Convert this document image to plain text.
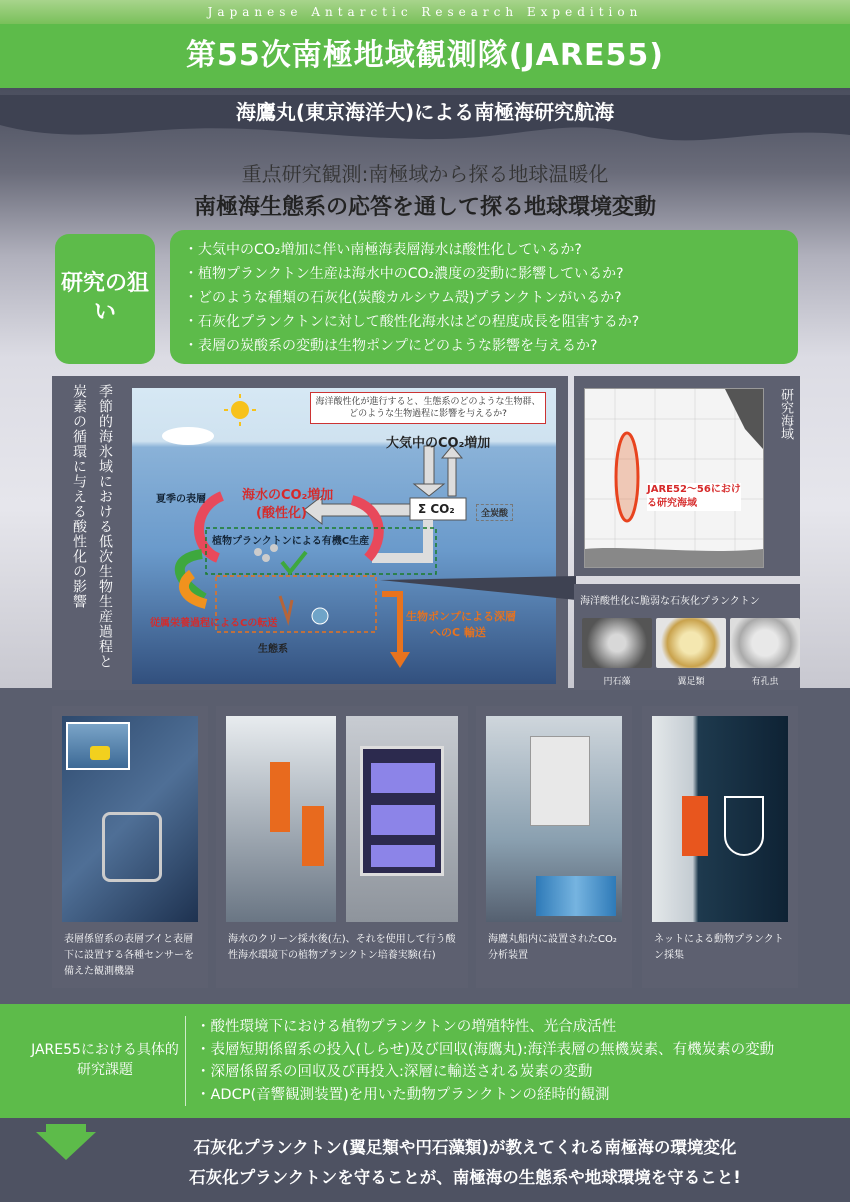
Japanese Antarctic Research Expedition
第55次南極地域観測隊(JARE55)
海鷹丸(東京海洋大)による南極海研究航海
重点研究観測:南極域から探る地球温暖化
南極海生態系の応答を通して探る地球環境変動
研究の狙い
・ 大気中のCO₂増加に伴い南極海表層海水は酸性化しているか?
・ 植物プランクトン生産は海水中のCO₂濃度の変動に影響しているか?
・ どのような種類の石灰化(炭酸カルシウム殻)プランクトンがいるか?
・ 石灰化プランクトンに対して酸性化海水はどの程度成長を阻害するか?
・ 表層の炭酸系の変動は生物ポンプにどのような影響を与えるか?
季節的海氷域における低次生物生産過程と
炭素の循環に与える酸性化の影響	海洋酸性化が進行すると、生態系のどのような生物群、どのような生物過程に影響を与えるか?
大気中のCO₂増加
夏季の表層	海水のCO₂増加
(酸性化)	Σ CO₂	全炭酸
植物プランクトンによる有機C生産
従属栄養過程によるCの転送
生態系
生物ポンプによる深層
へのC 輸送
JARE52〜56における研究海域
研究海域
海洋酸性化に脆弱な石灰化プランクトン
円石藻	翼足類	有孔虫
表層係留系の表層ブイと表層下に設置する各種センサーを備えた観測機器
海水のクリーン採水後(左)、それを使用して行う酸性海水環境下の植物プランクトン培養実験(右)
海鷹丸船内に設置されたCO₂分析装置
ネットによる動物プランクトン採集
JARE55における具体的研究課題
・ 酸性環境下における植物プランクトンの増殖特性、光合成活性
・ 表層短期係留系の投入(しらせ)及び回収(海鷹丸):海洋表層の無機炭素、有機炭素の変動
・ 深層係留系の回収及び再投入:深層に輸送される炭素の変動
・ ADCP(音響観測装置)を用いた動物プランクトンの経時的観測
石灰化プランクトン(翼足類や円石藻類)が教えてくれる南極海の環境変化
石灰化プランクトンを守ることが、南極海の生態系や地球環境を守ること!
